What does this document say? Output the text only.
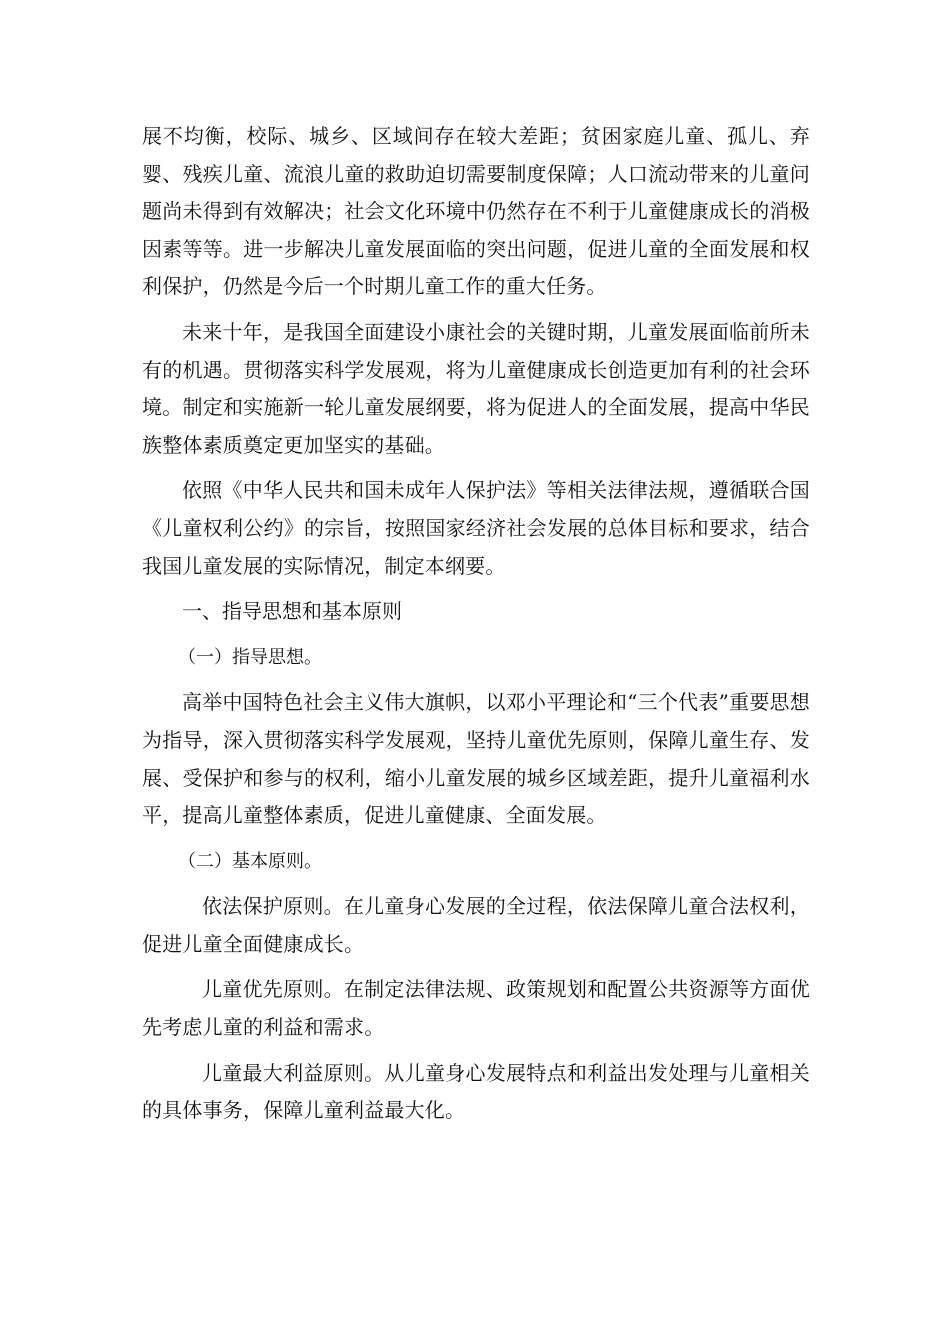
展不均衡，校际、城乡、区域间存在较大差距；贫困家庭儿童、孤儿、弃婴、残疾儿童、流浪儿童的救助迫切需要制度保障；人口流动带来的儿童问题尚未得到有效解决；社会文化环境中仍然存在不利于儿童健康成长的消极因素等等。进一步解决儿童发展面临的突出问题，促进儿童的全面发展和权利保护，仍然是今后一个时期儿童工作的重大任务。

未来十年，是我国全面建设小康社会的关键时期，儿童发展面临前所未有的机遇。贯彻落实科学发展观，将为儿童健康成长创造更加有利的社会环境。制定和实施新一轮儿童发展纲要，将为促进人的全面发展，提高中华民族整体素质奠定更加坚实的基础。

依照《中华人民共和国未成年人保护法》等相关法律法规，遵循联合国《儿童权利公约》的宗旨，按照国家经济社会发展的总体目标和要求，结合我国儿童发展的实际情况，制定本纲要。

一、指导思想和基本原则

（一）指导思想。

高举中国特色社会主义伟大旗帜，以邓小平理论和“三个代表”重要思想为指导，深入贯彻落实科学发展观，坚持儿童优先原则，保障儿童生存、发展、受保护和参与的权利，缩小儿童发展的城乡区域差距，提升儿童福利水平，提高儿童整体素质，促进儿童健康、全面发展。

（二）基本原则。

依法保护原则。在儿童身心发展的全过程，依法保障儿童合法权利，促进儿童全面健康成长。

儿童优先原则。在制定法律法规、政策规划和配置公共资源等方面优先考虑儿童的利益和需求。

儿童最大利益原则。从儿童身心发展特点和利益出发处理与儿童相关的具体事务，保障儿童利益最大化。
